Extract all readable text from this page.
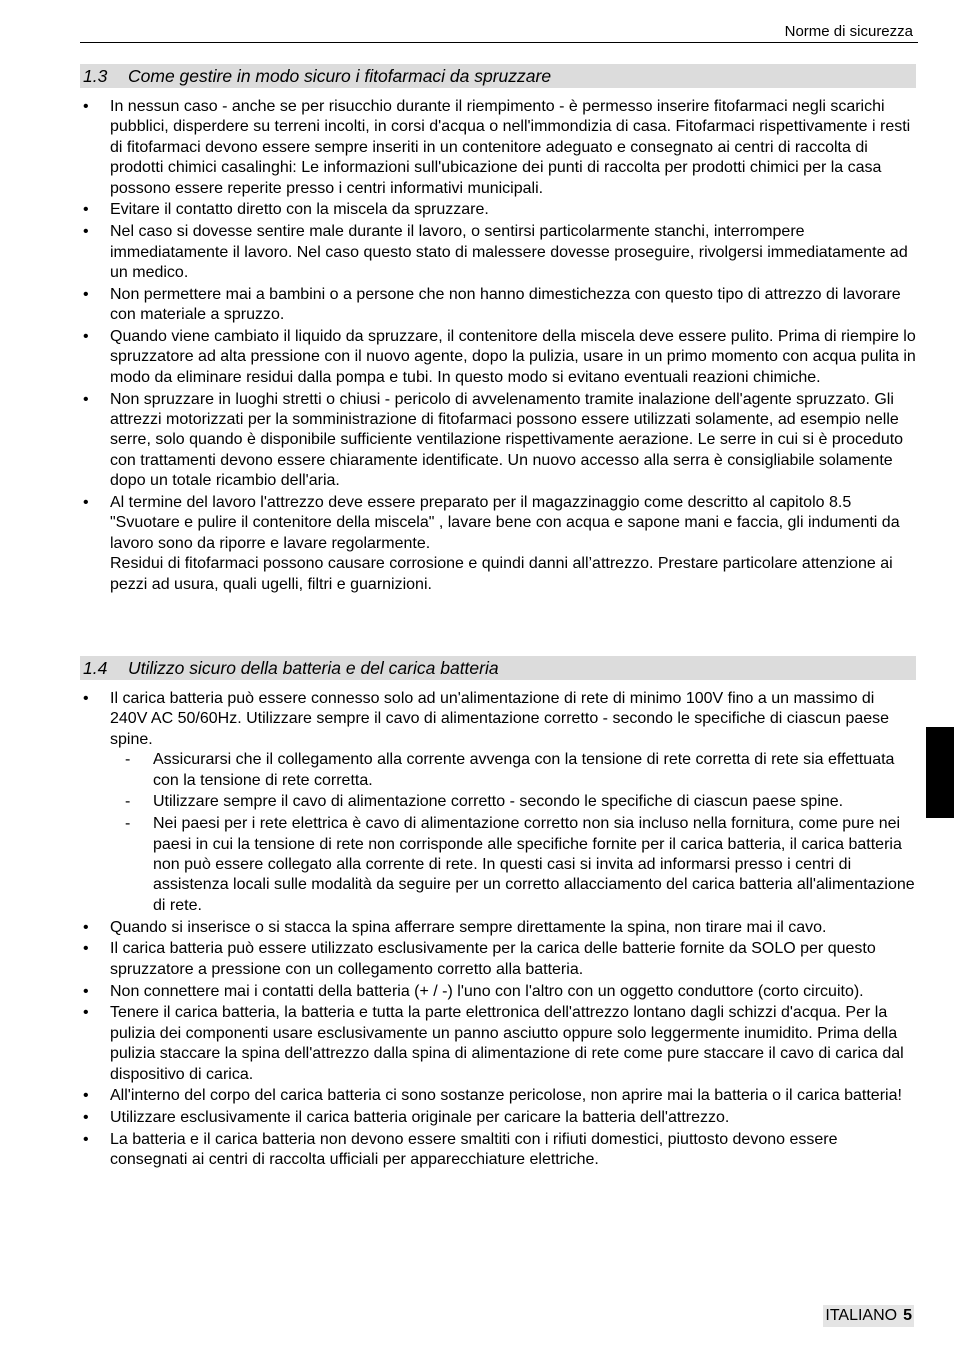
Norme di sicurezza
1.3 Come gestire in modo sicuro i fitofarmaci da spruzzare
• In nessun caso - anche se per risucchio durante il riempimento - è permesso inserire fitofarmaci negli scarichi pubblici, disperdere su terreni incolti, in corsi d'acqua o nell'immondizia di casa. Fitofarmaci rispettivamente i resti di fitofarmaci devono essere sempre inseriti in un contenitore adeguato e consegnato ai centri di raccolta di prodotti chimici casalinghi: Le informazioni sull'ubicazione dei punti di raccolta per prodotti chimici per la casa possono essere reperite presso i centri informativi municipali.
• Evitare il contatto diretto con la miscela da spruzzare.
• Nel caso si dovesse sentire male durante il lavoro, o sentirsi particolarmente stanchi, interrompere immediatamente il lavoro. Nel caso questo stato di malessere dovesse proseguire, rivolgersi immediatamente ad un medico.
• Non permettere mai a bambini o a persone che non hanno dimestichezza con questo tipo di attrezzo di lavorare con materiale a spruzzo.
• Quando viene cambiato il liquido da spruzzare, il contenitore della miscela deve essere pulito. Prima di riempire lo spruzzatore ad alta pressione con il nuovo agente, dopo la pulizia, usare in un primo momento con acqua pulita in modo da eliminare residui dalla pompa e tubi. In questo modo si evitano eventuali reazioni chimiche.
• Non spruzzare in luoghi stretti o chiusi - pericolo di avvelenamento tramite inalazione dell'agente spruzzato. Gli attrezzi motorizzati per la somministrazione di fitofarmaci possono essere utilizzati solamente, ad esempio nelle serre, solo quando è disponibile sufficiente ventilazione rispettivamente aerazione. Le serre in cui si è proceduto con trattamenti devono essere chiaramente identificate. Un nuovo accesso alla serra è consigliabile solamente dopo un totale ricambio dell'aria.
• Al termine del lavoro l'attrezzo deve essere preparato per il magazzinaggio come descritto al capitolo 8.5 "Svuotare e pulire il contenitore della miscela" , lavare bene con acqua e sapone mani e faccia, gli indumenti da lavoro sono da riporre e lavare regolarmente.
Residui di fitofarmaci possono causare corrosione e quindi danni all’attrezzo. Prestare particolare attenzione ai pezzi ad usura, quali ugelli, filtri e guarnizioni.
1.4 Utilizzo sicuro della batteria e del carica batteria
• Il carica batteria può essere connesso solo ad un'alimentazione di rete di minimo 100V fino a un massimo di 240V AC 50/60Hz. Utilizzare sempre il cavo di alimentazione corretto - secondo le specifiche di ciascun paese spine.
- Assicurarsi che il collegamento alla corrente avvenga con la tensione di rete corretta di rete sia effettuata con la tensione di rete corretta.
- Utilizzare sempre il cavo di alimentazione corretto - secondo le specifiche di ciascun paese spine.
- Nei paesi per i rete elettrica è cavo di alimentazione corretto non sia incluso nella fornitura, come pure nei paesi in cui la tensione di rete non corrisponde alle specifiche fornite per il carica batteria, il carica batteria non può essere collegato alla corrente di rete. In questi casi si invita ad informarsi presso i centri di assistenza locali sulle modalità da seguire per un corretto allacciamento del carica batteria all'alimentazione di rete.
• Quando si inserisce o si stacca la spina afferrare sempre direttamente la spina, non tirare mai il cavo.
• Il carica batteria può essere utilizzato esclusivamente per la carica delle batterie fornite da SOLO per questo spruzzatore a pressione con un collegamento corretto alla batteria.
• Non connettere mai i contatti della batteria (+ / -) l'uno con l'altro con un oggetto conduttore (corto circuito).
• Tenere il carica batteria, la batteria e tutta la parte elettronica dell'attrezzo lontano dagli schizzi d'acqua. Per la pulizia dei componenti usare esclusivamente un panno asciutto oppure solo leggermente inumidito. Prima della pulizia staccare la spina dell'attrezzo dalla spina di alimentazione di rete come pure staccare il cavo di carica dal dispositivo di carica.
• All'interno del corpo del carica batteria ci sono sostanze pericolose, non aprire mai la batteria o il carica batteria!
• Utilizzare esclusivamente il carica batteria originale per caricare la batteria dell'attrezzo.
• La batteria e il carica batteria non devono essere smaltiti con i rifiuti domestici, piuttosto devono essere consegnati ai centri di raccolta ufficiali per apparecchiature elettriche.
ITALIANO 5
